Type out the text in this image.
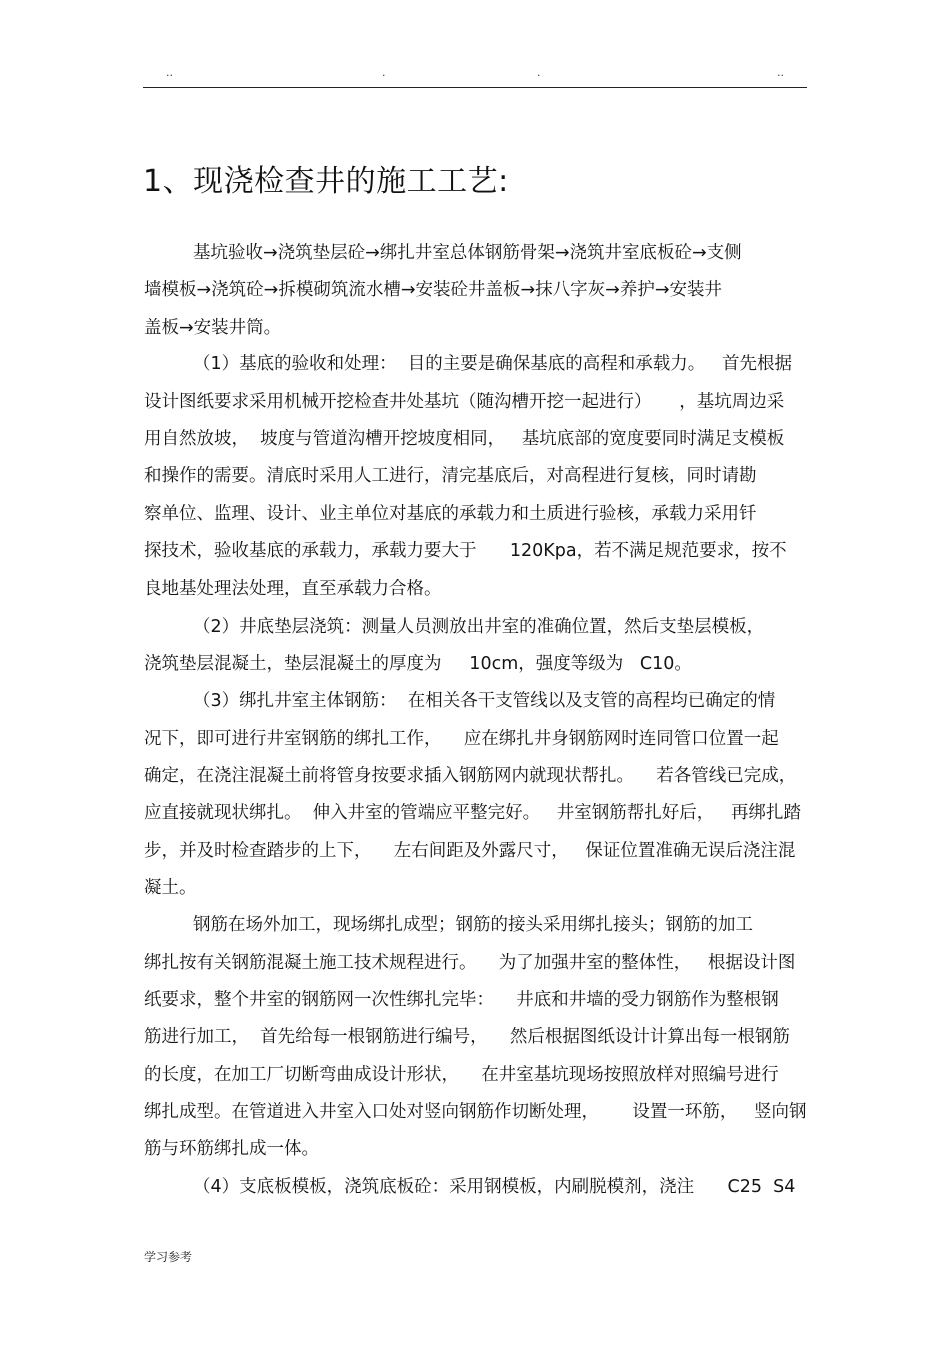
..	.	.	..
1、现浇检查井的施工工艺:
基坑验收→浇筑垫层砼→绑扎井室总体钢筋骨架→浇筑井室底板砼→支侧
墙模板→浇筑砼→拆模砌筑流水槽→安装砼井盖板→抹八字灰→养护→安装井
盖板→安装井筒。
（1）基底的验收和处理：  目的主要是确保基底的高程和承载力。   首先根据
设计图纸要求采用机械开挖检查井处基坑（随沟槽开挖一起进行）     ，基坑周边采
用自然放坡，  坡度与管道沟槽开挖坡度相同，   基坑底部的宽度要同时满足支模板
和操作的需要。清底时采用人工进行，清完基底后，对高程进行复核，同时请勘
察单位、监理、设计、业主单位对基底的承载力和土质进行验核，承载力采用钎
探技术，验收基底的承载力，承载力要大于      120Kpa，若不满足规范要求，按不
良地基处理法处理，直至承载力合格。
（2）井底垫层浇筑：测量人员测放出井室的准确位置，然后支垫层模板，
浇筑垫层混凝土，垫层混凝土的厚度为     10cm，强度等级为   C10。
（3）绑扎井室主体钢筋：  在相关各干支管线以及支管的高程均已确定的情
况下，即可进行井室钢筋的绑扎工作，    应在绑扎井身钢筋网时连同管口位置一起
确定，在浇注混凝土前将管身按要求插入钢筋网内就现状帮扎。    若各管线已完成，
应直接就现状绑扎。  伸入井室的管端应平整完好。   井室钢筋帮扎好后，   再绑扎踏
步，并及时检查踏步的上下，    左右间距及外露尺寸，   保证位置准确无误后浇注混
凝土。
钢筋在场外加工，现场绑扎成型；钢筋的接头采用绑扎接头；钢筋的加工
绑扎按有关钢筋混凝土施工技术规程进行。    为了加强井室的整体性，   根据设计图
纸要求，整个井室的钢筋网一次性绑扎完毕：    井底和井墙的受力钢筋作为整根钢
筋进行加工，  首先给每一根钢筋进行编号，    然后根据图纸设计计算出每一根钢筋
的长度，在加工厂切断弯曲成设计形状，    在井室基坑现场按照放样对照编号进行
绑扎成型。在管道进入井室入口处对竖向钢筋作切断处理，      设置一环筋，   竖向钢
筋与环筋绑扎成一体。
（4）支底板模板，浇筑底板砼：采用钢模板，内刷脱模剂，浇注      C25  S4
学习参考
